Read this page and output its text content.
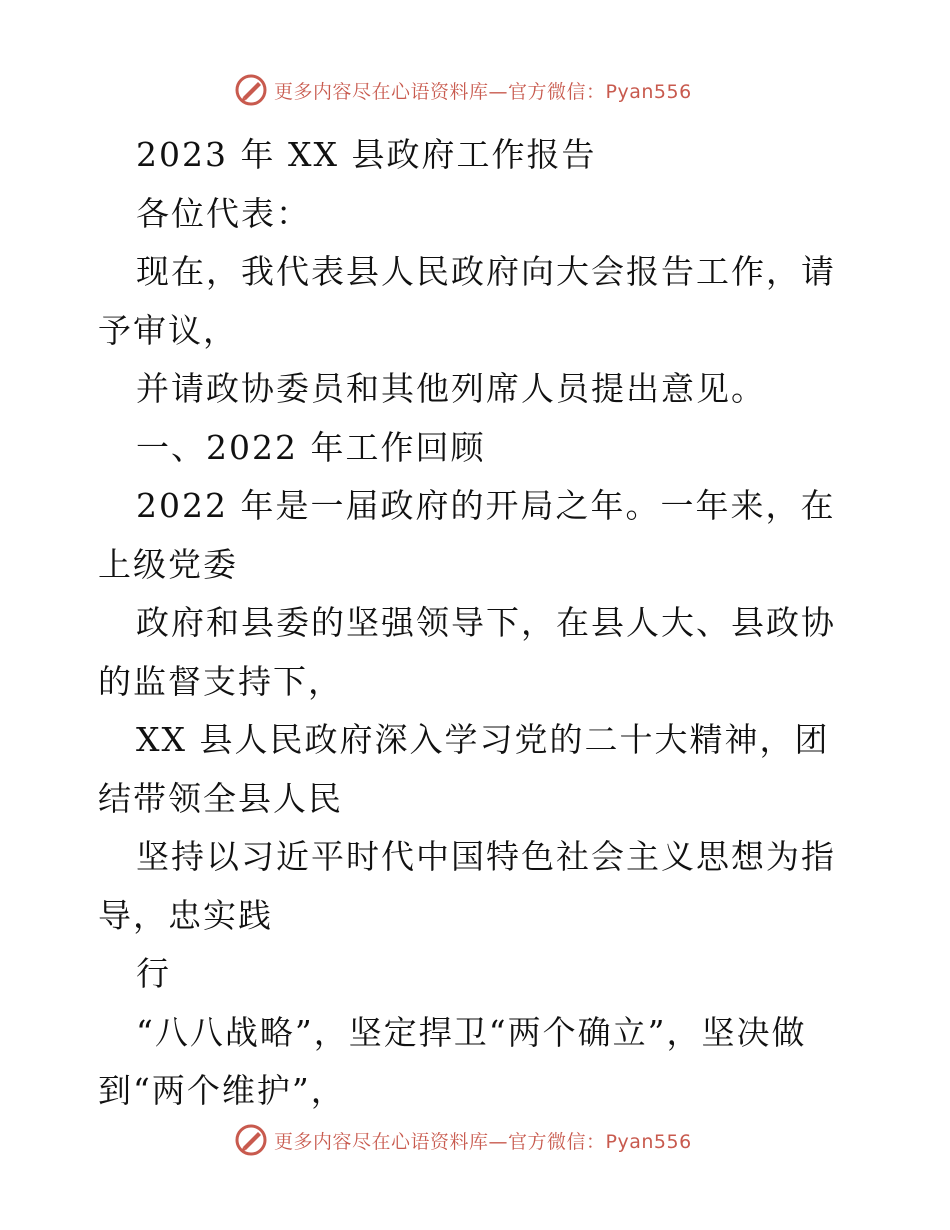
更多内容尽在心语资料库—官方微信：Pyan556

2023 年 XX 县政府工作报告

各位代表：

现在，我代表县人民政府向大会报告工作，请予审议，

并请政协委员和其他列席人员提出意见。

一、2022 年工作回顾

2022 年是一届政府的开局之年。一年来，在上级党委

政府和县委的坚强领导下，在县人大、县政协的监督支持下，

XX 县人民政府深入学习党的二十大精神，团结带领全县人民

坚持以习近平时代中国特色社会主义思想为指导，忠实践

行

“八八战略”，坚定捍卫“两个确立”，坚决做到“两个维护”，

更多内容尽在心语资料库—官方微信：Pyan556
